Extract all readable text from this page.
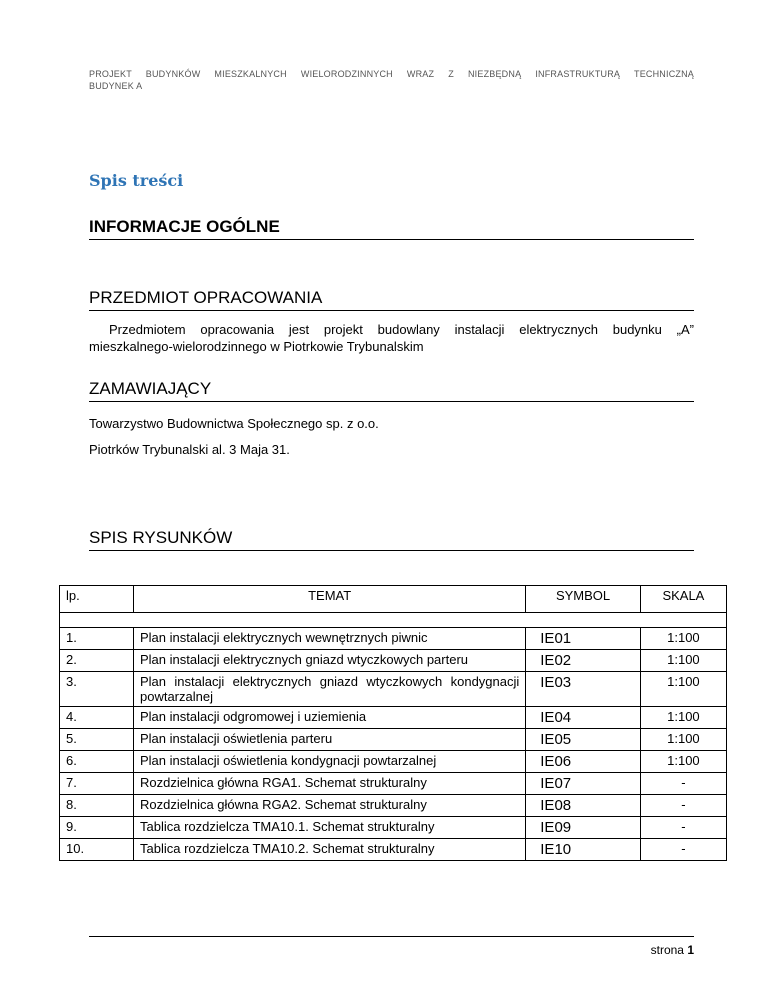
PROJEKT BUDYNKÓW MIESZKALNYCH WIELORODZINNYCH WRAZ Z NIEZBĘDNĄ INFRASTRUKTURĄ TECHNICZNĄ
BUDYNEK A
Spis treści
INFORMACJE OGÓLNE
PRZEDMIOT OPRACOWANIA
Przedmiotem opracowania jest projekt budowlany instalacji elektrycznych budynku „A”
mieszkalnego-wielorodzinnego w Piotrkowie Trybunalskim
ZAMAWIAJĄCY
Towarzystwo Budownictwa Społecznego sp. z o.o.
Piotrków Trybunalski al. 3 Maja 31.
SPIS RYSUNKÓW
lp.	TEMAT	SYMBOL	SKALA

1.	Plan instalacji elektrycznych wewnętrznych piwnic	IE01	1:100
2.	Plan instalacji elektrycznych gniazd wtyczkowych parteru	IE02	1:100
3.	Plan instalacji elektrycznych gniazd wtyczkowych kondygnacji powtarzalnej	IE03	1:100
4.	Plan instalacji odgromowej i uziemienia	IE04	1:100
5.	Plan instalacji oświetlenia parteru	IE05	1:100
6.	Plan instalacji oświetlenia kondygnacji powtarzalnej	IE06	1:100
7.	Rozdzielnica główna RGA1. Schemat strukturalny	IE07	-
8.	Rozdzielnica główna RGA2. Schemat strukturalny	IE08	-
9.	Tablica rozdzielcza TMA10.1. Schemat strukturalny	IE09	-
10.	Tablica rozdzielcza TMA10.2. Schemat strukturalny	IE10	-
strona 1
